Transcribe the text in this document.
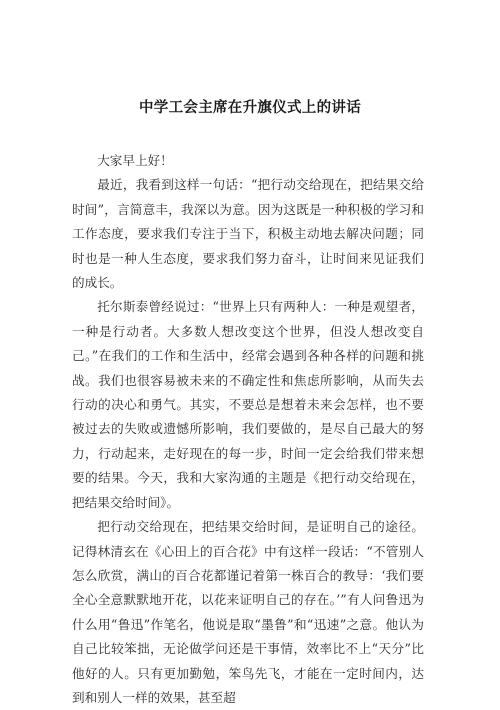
中学工会主席在升旗仪式上的讲话

大家早上好！

最近，我看到这样一句话：“把行动交给现在，把结果交给时间”，言简意丰，我深以为意。因为这既是一种积极的学习和工作态度，要求我们专注于当下，积极主动地去解决问题；同时也是一种人生态度，要求我们努力奋斗，让时间来见证我们的成长。

托尔斯泰曾经说过：“世界上只有两种人：一种是观望者，一种是行动者。大多数人想改变这个世界，但没人想改变自己。”在我们的工作和生活中，经常会遇到各种各样的问题和挑战。我们也很容易被未来的不确定性和焦虑所影响，从而失去行动的决心和勇气。其实，不要总是想着未来会怎样，也不要被过去的失败或遗憾所影响，我们要做的，是尽自己最大的努力，行动起来，走好现在的每一步，时间一定会给我们带来想要的结果。今天，我和大家沟通的主题是《把行动交给现在，把结果交给时间》。

把行动交给现在，把结果交给时间，是证明自己的途径。记得林清玄在《心田上的百合花》中有这样一段话：“不管别人怎么欣赏，满山的百合花都谨记着第一株百合的教导：‘我们要全心全意默默地开花，以花来证明自己的存在。’”有人问鲁迅为什么用“鲁迅”作笔名，他说是取“墨鲁”和“迅速”之意。他认为自己比较笨拙，无论做学问还是干事情，效率比不上“天分”比他好的人。只有更加勤勉，笨鸟先飞，才能在一定时间内，达到和别人一样的效果，甚至超
